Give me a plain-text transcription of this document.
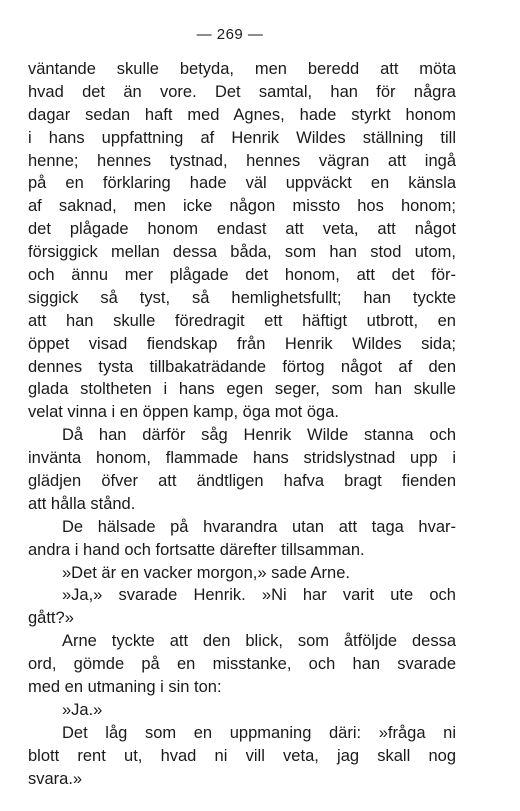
— 269 —
väntande skulle betyda, men beredd att möta
hvad det än vore. Det samtal, han för några
dagar sedan haft med Agnes, hade styrkt honom
i hans uppfattning af Henrik Wildes ställning till
henne; hennes tystnad, hennes vägran att ingå
på en förklaring hade väl uppväckt en känsla
af saknad, men icke någon missto hos honom;
det plågade honom endast att veta, att något
försiggick mellan dessa båda, som han stod utom,
och ännu mer plågade det honom, att det för-
siggick så tyst, så hemlighetsfullt; han tyckte
att han skulle föredragit ett häftigt utbrott, en
öppet visad fiendskap från Henrik Wildes sida;
dennes tysta tillbakaträdande förtog något af den
glada stoltheten i hans egen seger, som han skulle
velat vinna i en öppen kamp, öga mot öga.
Då han därför såg Henrik Wilde stanna och
invänta honom, flammade hans stridslystnad upp i
glädjen öfver att ändtligen hafva bragt fienden
att hålla stånd.
De hälsade på hvarandra utan att taga hvar-
andra i hand och fortsatte därefter tillsamman.
»Det är en vacker morgon,» sade Arne.
»Ja,» svarade Henrik. »Ni har varit ute och
gått?»
Arne tyckte att den blick, som åtföljde dessa
ord, gömde på en misstanke, och han svarade
med en utmaning i sin ton:
»Ja.»
Det låg som en uppmaning däri: »fråga ni
blott rent ut, hvad ni vill veta, jag skall nog
svara.»
